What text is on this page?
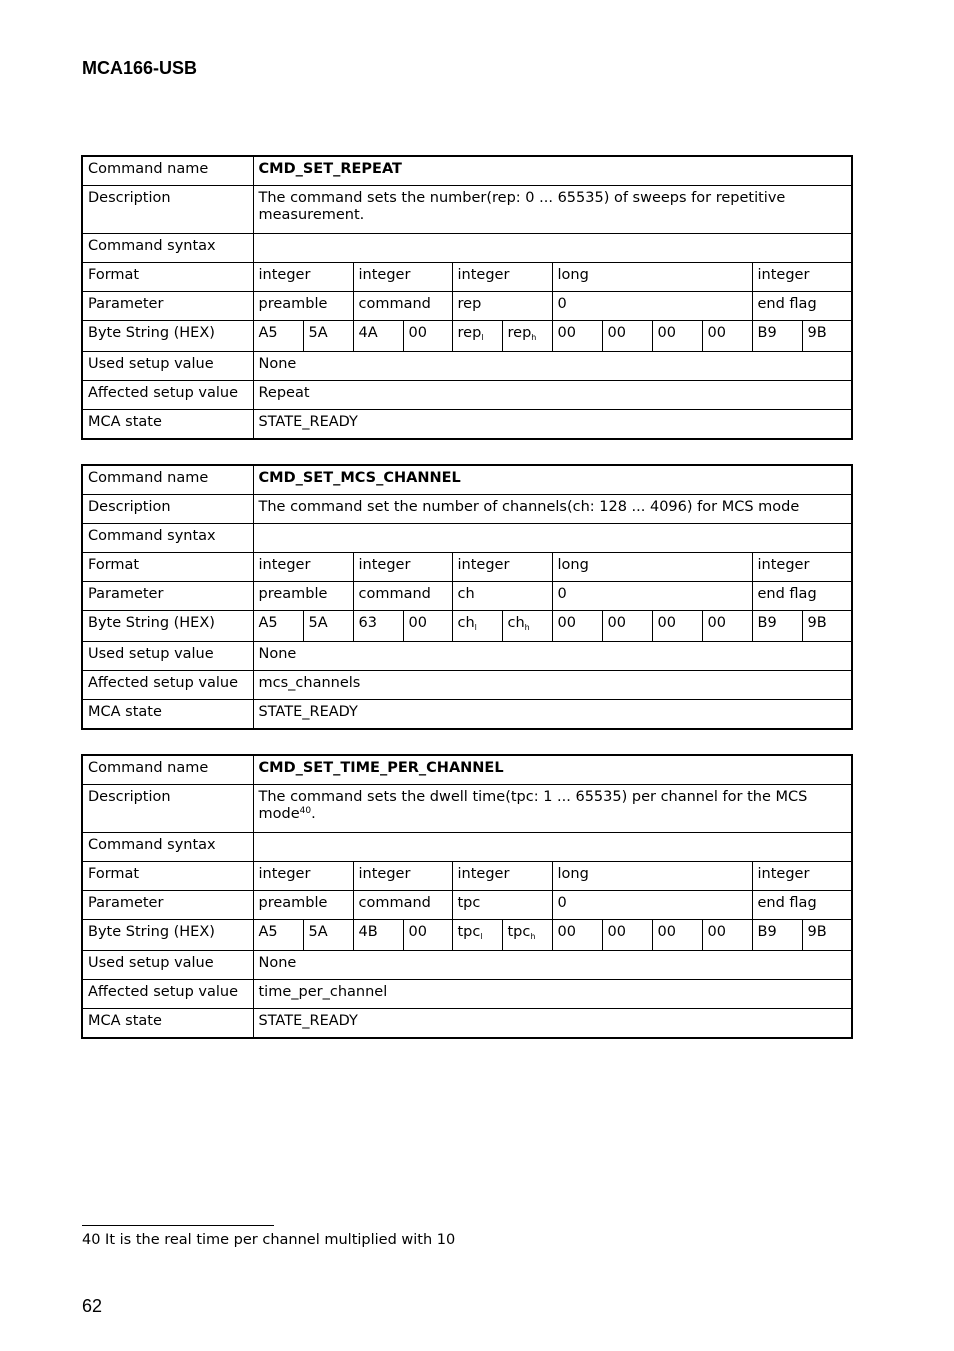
MCA166-USB
Command name	CMD_SET_REPEAT											
Description	The command sets the number(rep: 0 ... 65535) of sweeps for repetitive measurement.											
Command syntax												
Format	integer		integer		integer		long				integer	
Parameter	preamble		command		rep		0				end flag	
Byte String (HEX)	A5	5A	4A	00	rep$_l$	rep$_h$	00	00	00	00	B9	9B
Used setup value	None											
Affected setup value	Repeat											
MCA state	STATE_READY											
Command name	CMD_SET_MCS_CHANNEL											
Description	The command set the number of channels(ch: 128 ... 4096) for MCS mode											
Command syntax												
Format	integer		integer		integer		long				integer	
Parameter	preamble		command		ch		0				end flag	
Byte String (HEX)	A5	5A	63	00	$ch_l$	$ch_h$	00	00	00	00	B9	9B
Used setup value	None											
Affected setup value	mcs_channels											
MCA state	STATE_READY											
Command name	CMD_SET_TIME_PER_CHANNEL											
Description	The command sets the dwell time(tpc: 1 ... 65535) per channel for the MCS mode$^{40}$.											
Command syntax												
Format	integer		integer		integer		long				integer	
Parameter	preamble		command		tpc		0				end flag	
Byte String (HEX)	A5	5A	4B	00	tpc$_l$	tpc$_h$	00	00	00	00	B9	9B
Used setup value	None											
Affected setup value	time_per_channel											
MCA state	STATE_READY											
40 It is the real time per channel multiplied with 10
62
